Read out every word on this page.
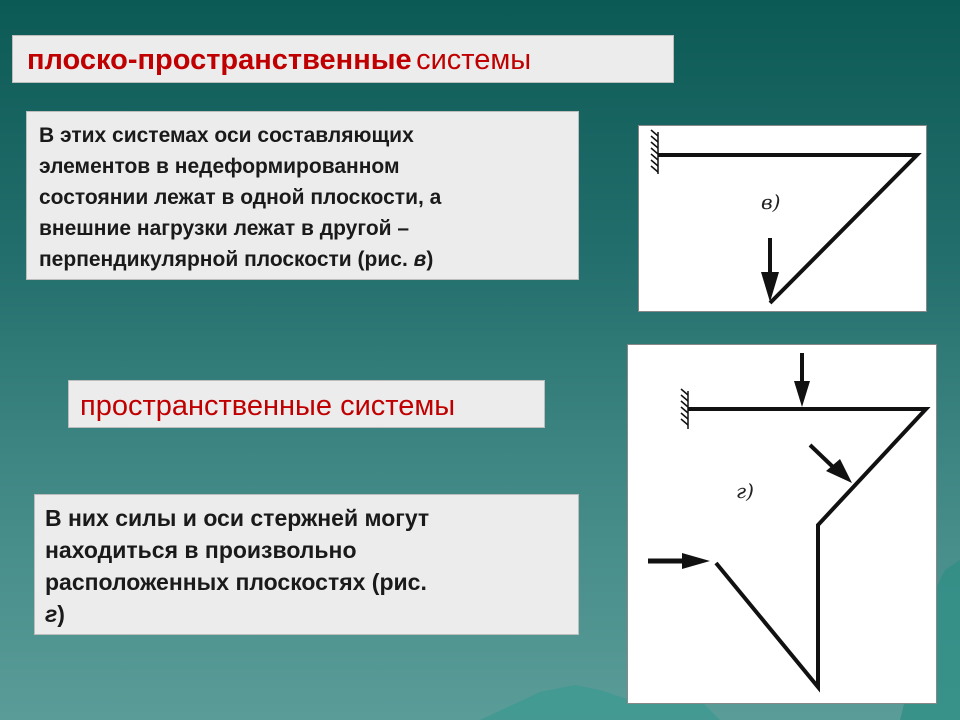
плоско-пространственные системы
В этих системах оси составляющих
элементов в недеформированном
состоянии лежат в одной плоскости, а
внешние нагрузки лежат в другой –
перпендикулярной плоскости (рис. в)
пространственные системы
В них силы и оси стержней могут
находиться в произвольно
расположенных плоскостях (рис.
г)
в)
г)
